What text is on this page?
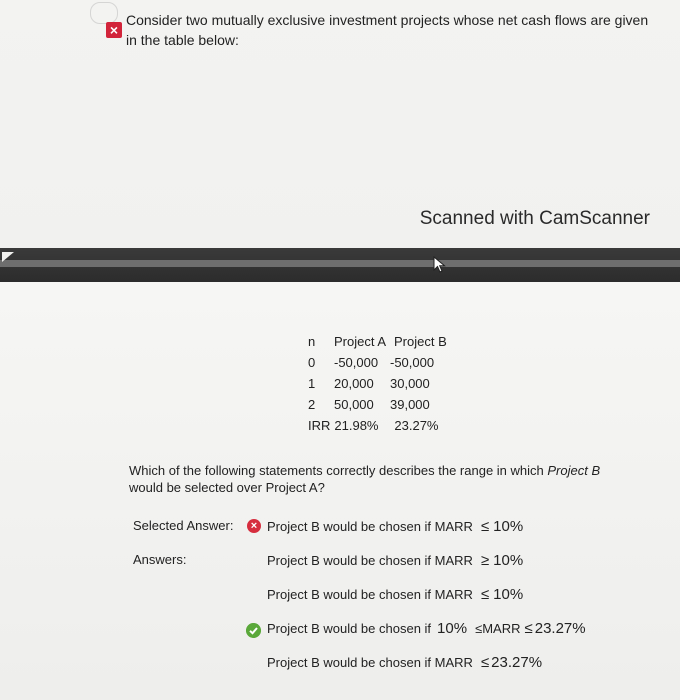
×
Consider two mutually exclusive investment projects whose net cash flows are given in the table below:
Scanned with CamScanner
n	Project A Project B
0	-50,000 -50,000
1	20,000	30,000
2	50,000	39,000
IRR 21.98%	23.27%
Which of the following statements correctly describes the range in which Project B would be selected over Project A?
Selected Answer:
Answers:
× Project B would be chosen if MARR ≤ 10%
Project B would be chosen if MARR ≥ 10%
Project B would be chosen if MARR ≤ 10%
Project B would be chosen if 10% ≤MARR ≤ 23.27%
Project B would be chosen if MARR ≤ 23.27%
